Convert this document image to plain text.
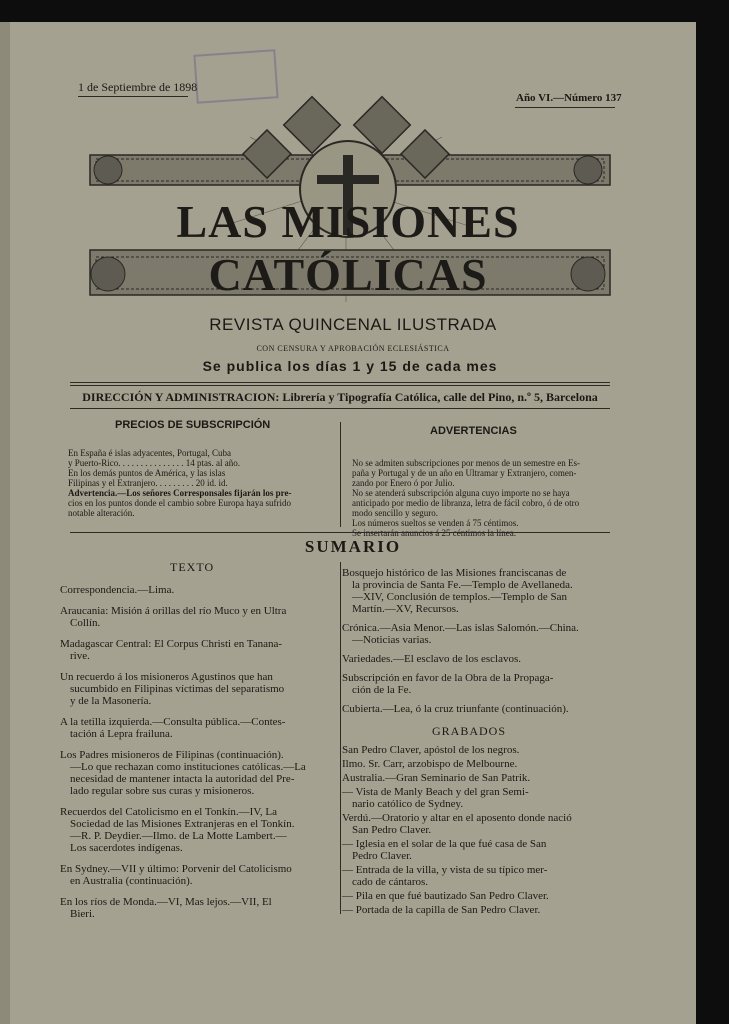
1 de Septiembre de 1898
Año VI.—Número 137
LAS MISIONES CATÓLICAS
REVISTA QUINCENAL ILUSTRADA
CON CENSURA Y APROBACIÓN ECLESIÁSTICA
Se publica los días 1 y 15 de cada mes
DIRECCIÓN Y ADMINISTRACION: Librería y Tipografía Católica, calle del Pino, n.º 5, Barcelona
PRECIOS DE SUBSCRIPCIÓN
En España é islas adyacentes, Portugal, Cuba
y Puerto-Rico. . . . . . . . . . . . . . . 14 ptas. al año.
En los demás puntos de América, y las islas
Filipinas y el Extranjero. . . . . . . . . 20 id. id.
Advertencia.—Los señores Corresponsales fijarán los pre-
cios en los puntos donde el cambio sobre Europa haya sufrido
notable alteración.
ADVERTENCIAS
No se admiten subscripciones por menos de un semestre en Es-
paña y Portugal y de un año en Ultramar y Extranjero, comen-
zando por Enero ó por Julio.
No se atenderá subscripción alguna cuyo importe no se haya
anticipado por medio de libranza, letra de fácil cobro, ó de otro
modo sencillo y seguro.
Los números sueltos se venden á 75 céntimos.
Se insertarán anuncios á 25 céntimos la línea.
SUMARIO
TEXTO
Correspondencia.—Lima.
Araucania: Misión á orillas del río Muco y en Ultra
Collín.
Madagascar Central: El Corpus Christi en Tanana-
rive.
Un recuerdo á los misioneros Agustinos que han
sucumbido en Filipinas víctimas del separatismo
y de la Masonería.
A la tetilla izquierda.—Consulta pública.—Contes-
tación á Lepra frailuna.
Los Padres misioneros de Filipinas (continuación).
—Lo que rechazan como instituciones católicas.—La
necesidad de mantener intacta la autoridad del Pre-
lado regular sobre sus curas y misioneros.
Recuerdos del Catolicismo en el Tonkín.—IV, La
Sociedad de las Misiones Extranjeras en el Tonkín.
—R. P. Deydier.—Ilmo. de La Motte Lambert.—
Los sacerdotes indígenas.
En Sydney.—VII y último: Porvenir del Catolicismo
en Australia (continuación).
En los ríos de Monda.—VI, Mas lejos.—VII, El
Bieri.
Bosquejo histórico de las Misiones franciscanas de
la provincia de Santa Fe.—Templo de Avellaneda.
—XIV, Conclusión de templos.—Templo de San
Martín.—XV, Recursos.
Crónica.—Asia Menor.—Las islas Salomón.—China.
—Noticias varias.
Variedades.—El esclavo de los esclavos.
Subscripción en favor de la Obra de la Propaga-
ción de la Fe.
Cubierta.—Lea, ó la cruz triunfante (continuación).
GRABADOS
San Pedro Claver, apóstol de los negros.
Ilmo. Sr. Carr, arzobispo de Melbourne.
Australia.—Gran Seminario de San Patrik.
— Vista de Manly Beach y del gran Semi-
nario católico de Sydney.
Verdú.—Oratorio y altar en el aposento donde nació
San Pedro Claver.
— Iglesia en el solar de la que fué casa de San
Pedro Claver.
— Entrada de la villa, y vista de su típico mer-
cado de cántaros.
— Pila en que fué bautizado San Pedro Claver.
— Portada de la capilla de San Pedro Claver.
